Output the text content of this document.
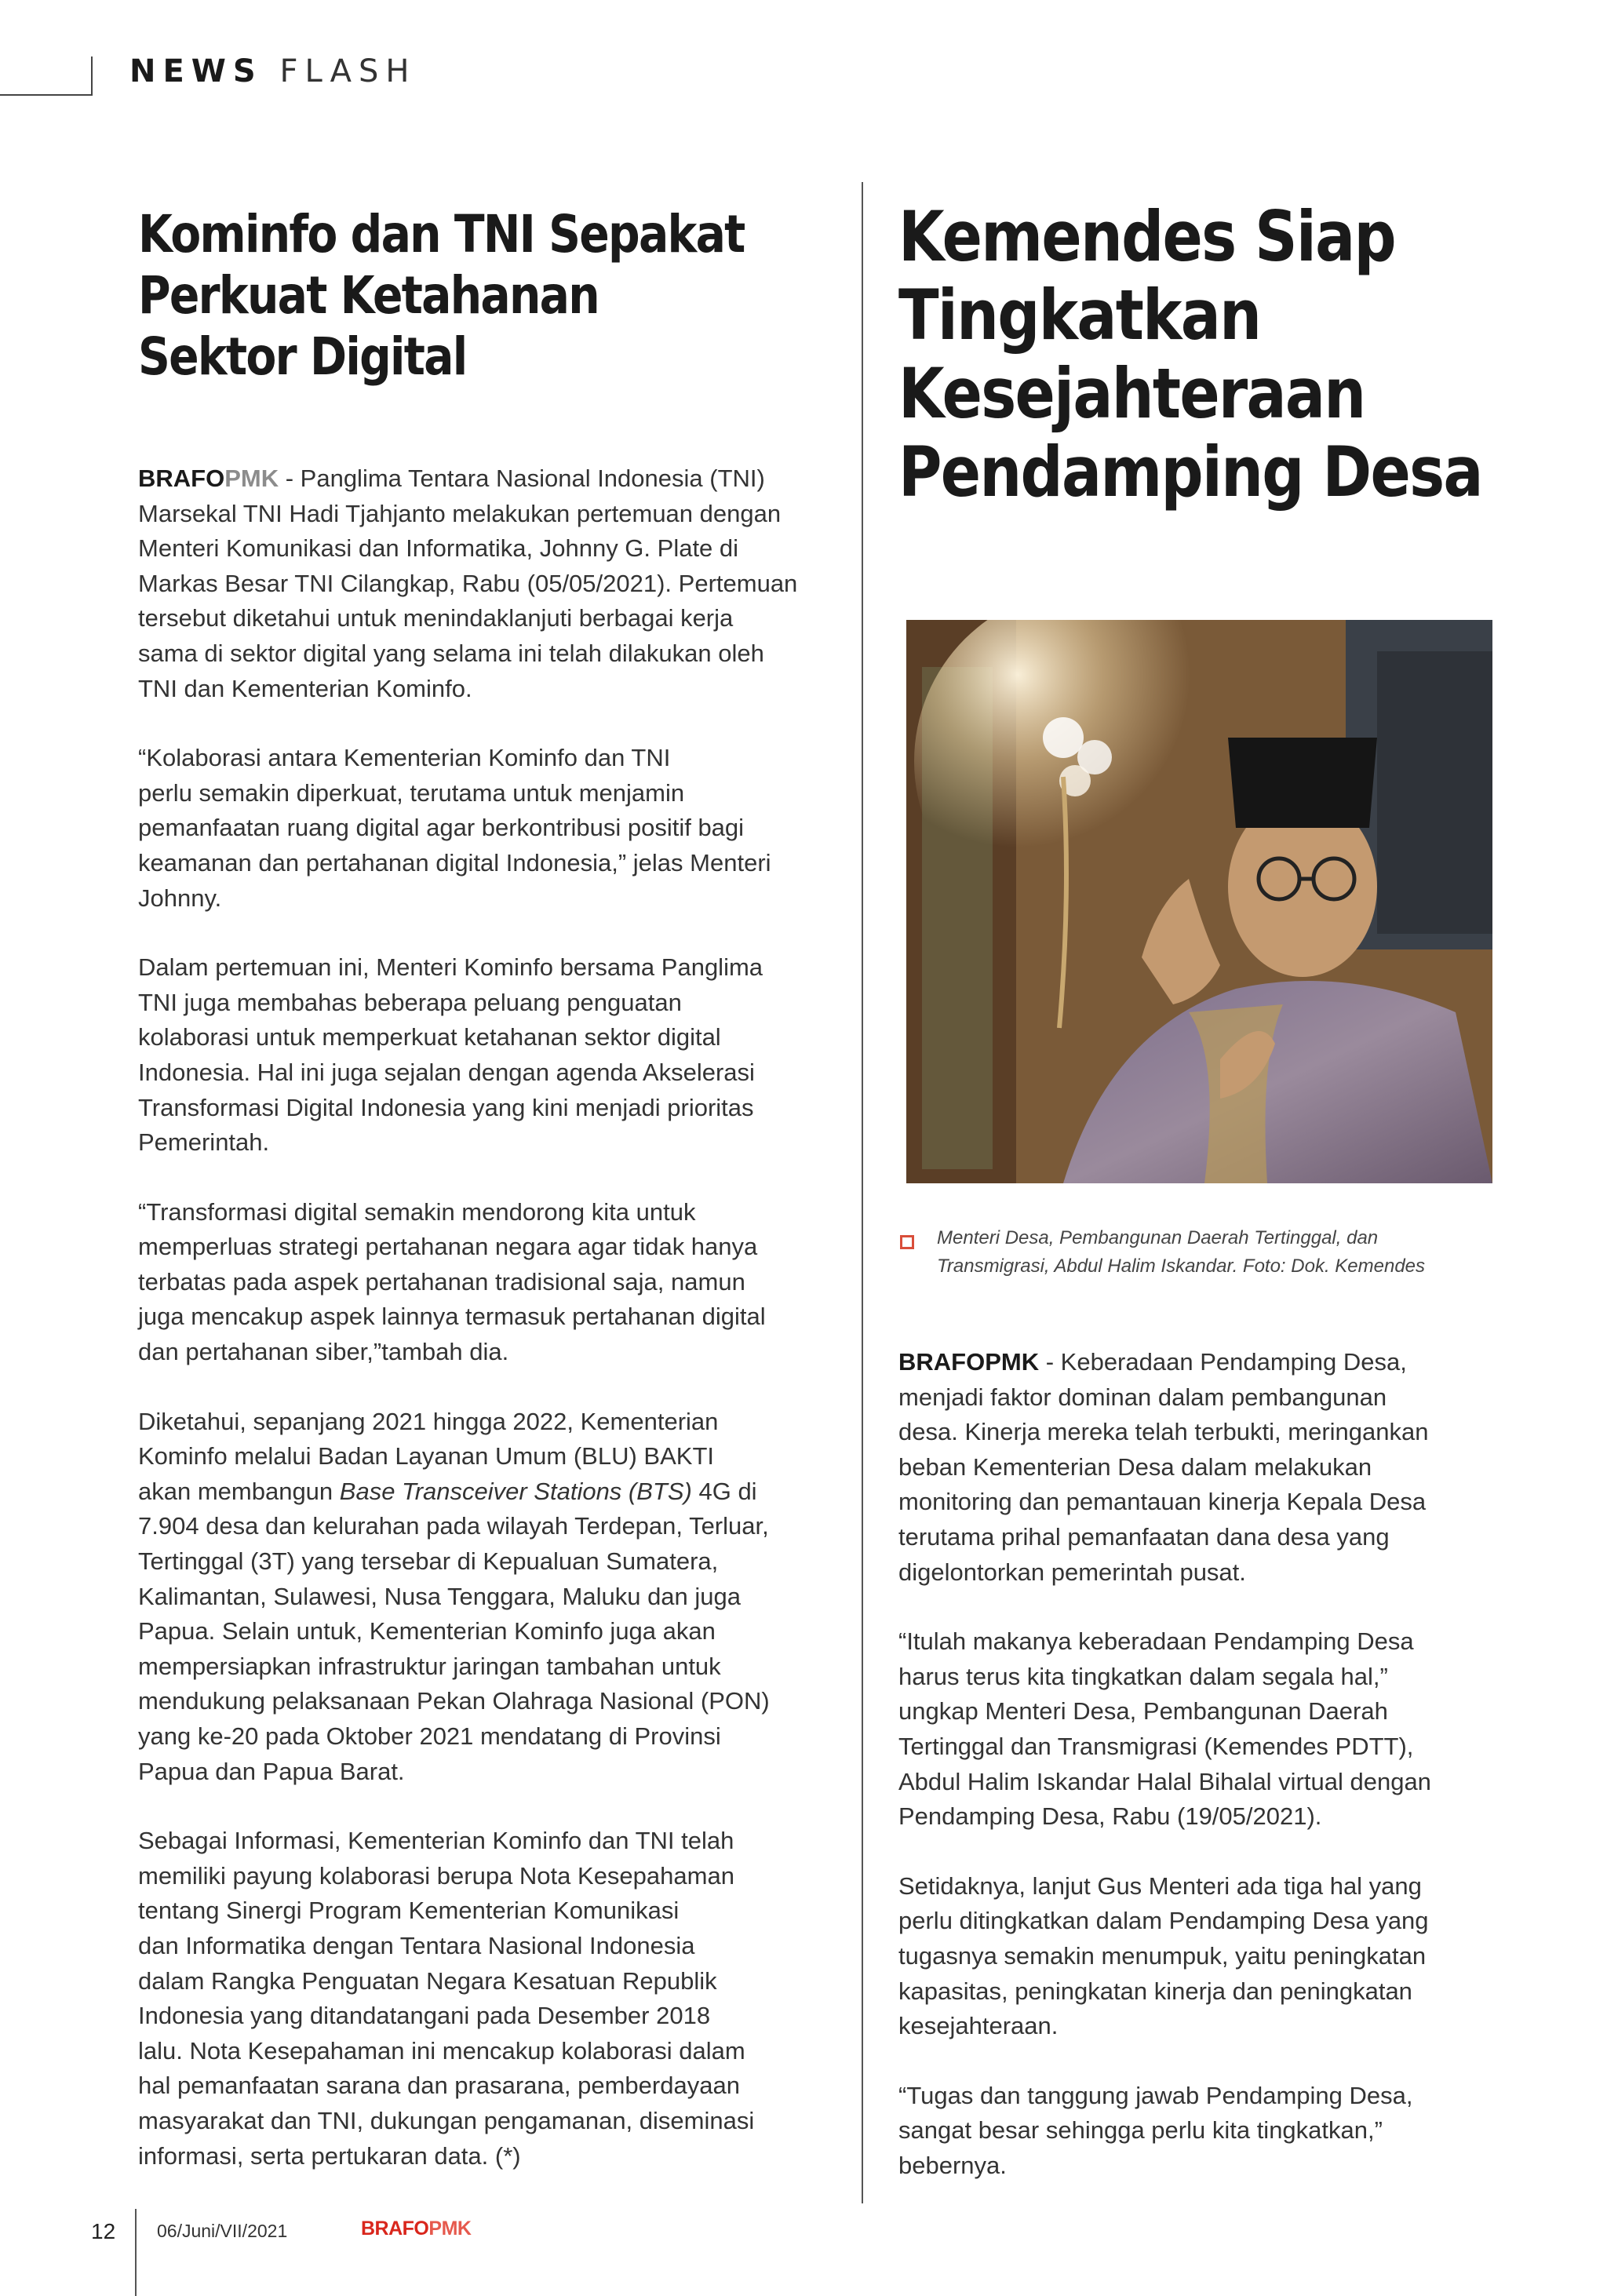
NEWS FLASH
Kominfo dan TNI Sepakat
Perkuat Ketahanan
Sektor Digital

BRAFOPMK - Panglima Tentara Nasional Indonesia (TNI)
Marsekal TNI Hadi Tjahjanto melakukan pertemuan dengan
Menteri Komunikasi dan Informatika, Johnny G. Plate di
Markas Besar TNI Cilangkap, Rabu (05/05/2021). Pertemuan
tersebut diketahui untuk menindaklanjuti berbagai kerja
sama di sektor digital yang selama ini telah dilakukan oleh
TNI dan Kementerian Kominfo.

“Kolaborasi antara Kementerian Kominfo dan TNI
perlu semakin diperkuat, terutama untuk menjamin
pemanfaatan ruang digital agar berkontribusi positif bagi
keamanan dan pertahanan digital Indonesia,” jelas Menteri
Johnny.

Dalam pertemuan ini, Menteri Kominfo bersama Panglima
TNI juga membahas beberapa peluang penguatan
kolaborasi untuk memperkuat ketahanan sektor digital
Indonesia. Hal ini juga sejalan dengan agenda Akselerasi
Transformasi Digital Indonesia yang kini menjadi prioritas
Pemerintah.

“Transformasi digital semakin mendorong kita untuk
memperluas strategi pertahanan negara agar tidak hanya
terbatas pada aspek pertahanan tradisional saja, namun
juga mencakup aspek lainnya termasuk pertahanan digital
dan pertahanan siber,”tambah dia.

Diketahui, sepanjang 2021 hingga 2022, Kementerian
Kominfo melalui Badan Layanan Umum (BLU) BAKTI
akan membangun Base Transceiver Stations (BTS) 4G di
7.904 desa dan kelurahan pada wilayah Terdepan, Terluar,
Tertinggal (3T) yang tersebar di Kepualuan Sumatera,
Kalimantan, Sulawesi, Nusa Tenggara, Maluku dan juga
Papua. Selain untuk, Kementerian Kominfo juga akan
mempersiapkan infrastruktur jaringan tambahan untuk
mendukung pelaksanaan Pekan Olahraga Nasional (PON)
yang ke-20 pada Oktober 2021 mendatang di Provinsi
Papua dan Papua Barat.

Sebagai Informasi, Kementerian Kominfo dan TNI telah
memiliki payung kolaborasi berupa Nota Kesepahaman
tentang Sinergi Program Kementerian Komunikasi
dan Informatika dengan Tentara Nasional Indonesia
dalam Rangka Penguatan Negara Kesatuan Republik
Indonesia yang ditandatangani pada Desember 2018
lalu. Nota Kesepahaman ini mencakup kolaborasi dalam
hal pemanfaatan sarana dan prasarana, pemberdayaan
masyarakat dan TNI, dukungan pengamanan, diseminasi
informasi, serta pertukaran data. (*)

Kemendes Siap
Tingkatkan
Kesejahteraan
Pendamping Desa
Menteri Desa, Pembangunan Daerah Tertinggal, dan
Transmigrasi, Abdul Halim Iskandar. Foto: Dok. Kemendes

BRAFOPMK - Keberadaan Pendamping Desa,
menjadi faktor dominan dalam pembangunan
desa. Kinerja mereka telah terbukti, meringankan
beban Kementerian Desa dalam melakukan
monitoring dan pemantauan kinerja Kepala Desa
terutama prihal pemanfaatan dana desa yang
digelontorkan pemerintah pusat.

“Itulah makanya keberadaan Pendamping Desa
harus terus kita tingkatkan dalam segala hal,”
ungkap Menteri Desa, Pembangunan Daerah
Tertinggal dan Transmigrasi (Kemendes PDTT),
Abdul Halim Iskandar Halal Bihalal virtual dengan
Pendamping Desa, Rabu (19/05/2021).

Setidaknya, lanjut Gus Menteri ada tiga hal yang
perlu ditingkatkan dalam Pendamping Desa yang
tugasnya semakin menumpuk, yaitu peningkatan
kapasitas, peningkatan kinerja dan peningkatan
kesejahteraan.

“Tugas dan tanggung jawab Pendamping Desa,
sangat besar sehingga perlu kita tingkatkan,”
bebernya.

12 06/Juni/VII/2021	BRAFOPMK
